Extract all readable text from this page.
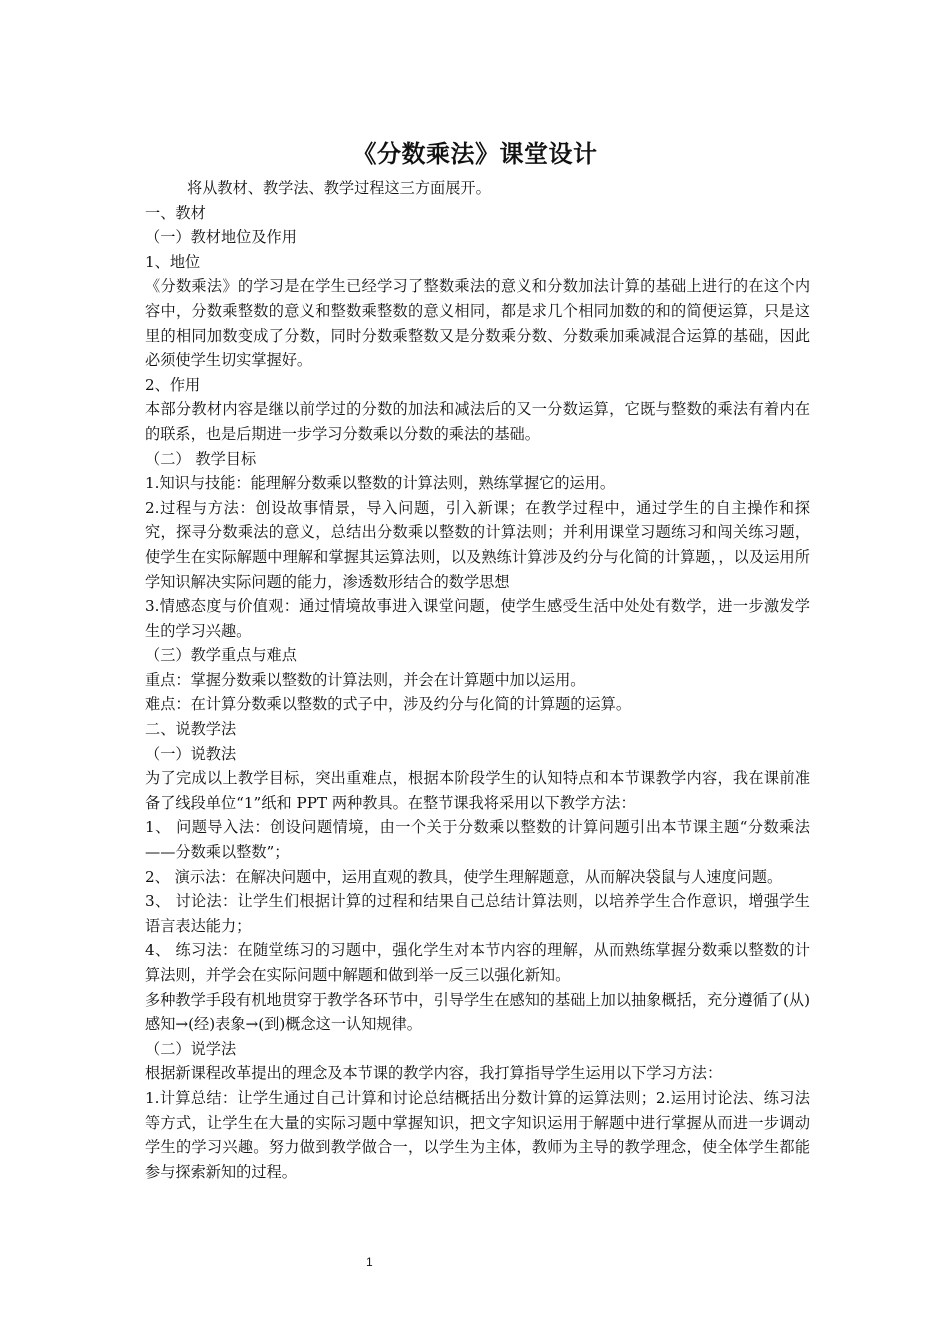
《分数乘法》课堂设计

将从教材、教学法、教学过程这三方面展开。

一、教材

（一）教材地位及作用

1、地位

《分数乘法》的学习是在学生已经学习了整数乘法的意义和分数加法计算的基础上进行的在这个内容中，分数乘整数的意义和整数乘整数的意义相同，都是求几个相同加数的和的简便运算，只是这里的相同加数变成了分数，同时分数乘整数又是分数乘分数、分数乘加乘减混合运算的基础，因此必须使学生切实掌握好。

2、作用

本部分教材内容是继以前学过的分数的加法和减法后的又一分数运算，它既与整数的乘法有着内在的联系，也是后期进一步学习分数乘以分数的乘法的基础。

（二） 教学目标

1.知识与技能：能理解分数乘以整数的计算法则，熟练掌握它的运用。

2.过程与方法：创设故事情景，导入问题，引入新课；在教学过程中，通过学生的自主操作和探究，探寻分数乘法的意义，总结出分数乘以整数的计算法则；并利用课堂习题练习和闯关练习题，使学生在实际解题中理解和掌握其运算法则，以及熟练计算涉及约分与化简的计算题，，以及运用所学知识解决实际问题的能力，渗透数形结合的数学思想

3.情感态度与价值观：通过情境故事进入课堂问题，使学生感受生活中处处有数学，进一步激发学生的学习兴趣。

（三）教学重点与难点

重点：掌握分数乘以整数的计算法则，并会在计算题中加以运用。

难点：在计算分数乘以整数的式子中，涉及约分与化简的计算题的运算。

二、说教学法

（一）说教法

为了完成以上教学目标，突出重难点，根据本阶段学生的认知特点和本节课教学内容，我在课前准备了线段单位“1”纸和 PPT 两种教具。在整节课我将采用以下教学方法：

1、 问题导入法：创设问题情境，由一个关于分数乘以整数的计算问题引出本节课主题“分数乘法——分数乘以整数”；

2、 演示法：在解决问题中，运用直观的教具，使学生理解题意，从而解决袋鼠与人速度问题。

3、 讨论法：让学生们根据计算的过程和结果自己总结计算法则，以培养学生合作意识，增强学生语言表达能力；

4、 练习法：在随堂练习的习题中，强化学生对本节内容的理解，从而熟练掌握分数乘以整数的计算法则，并学会在实际问题中解题和做到举一反三以强化新知。

多种教学手段有机地贯穿于教学各环节中，引导学生在感知的基础上加以抽象概括，充分遵循了(从)感知→(经)表象→(到)概念这一认知规律。

（二）说学法

根据新课程改革提出的理念及本节课的教学内容，我打算指导学生运用以下学习方法：

1.计算总结：让学生通过自己计算和讨论总结概括出分数计算的运算法则；2.运用讨论法、练习法等方式，让学生在大量的实际习题中掌握知识，把文字知识运用于解题中进行掌握从而进一步调动学生的学习兴趣。努力做到教学做合一，以学生为主体，教师为主导的教学理念，使全体学生都能参与探索新知的过程。

1
